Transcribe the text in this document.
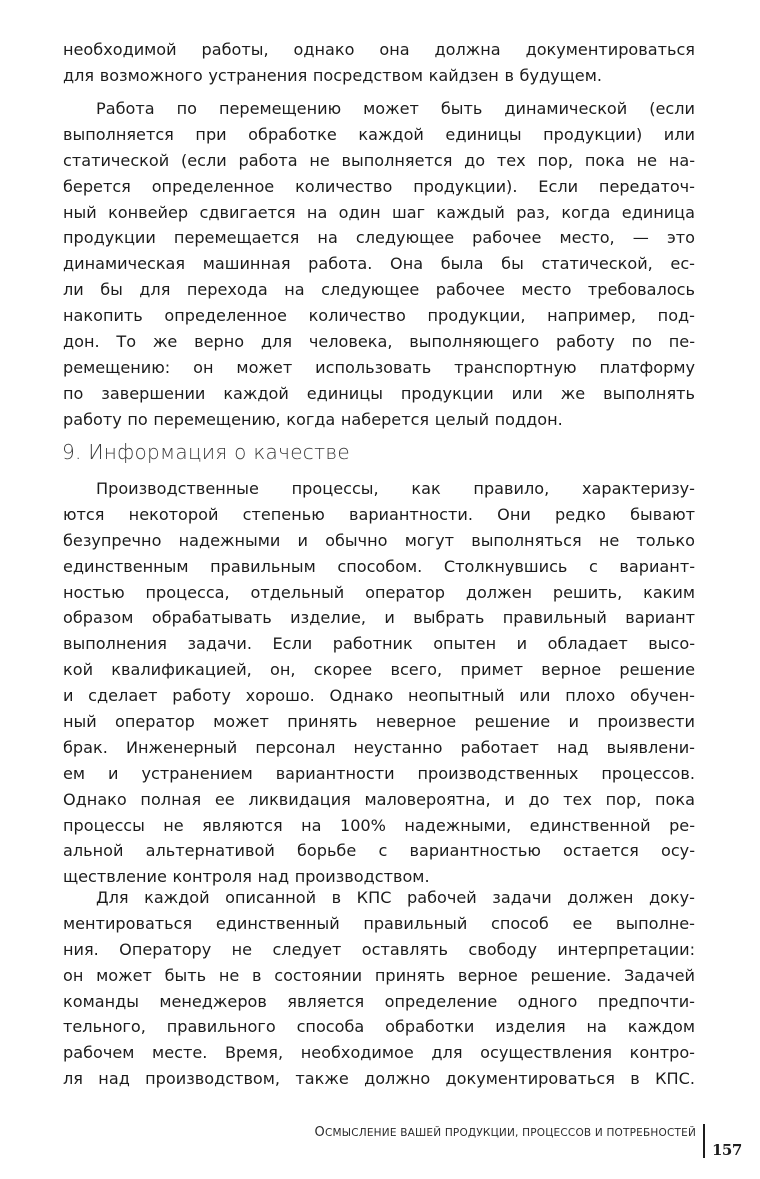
необходимой работы, однако она должна документироваться
для возможного устранения посредством кайдзен в будущем.
Работа по перемещению может быть динамической (если
выполняется при обработке каждой единицы продукции) или
статической (если работа не выполняется до тех пор, пока не на-
берется определенное количество продукции). Если передаточ-
ный конвейер сдвигается на один шаг каждый раз, когда единица
продукции перемещается на следующее рабочее место, — это
динамическая машинная работа. Она была бы статической, ес-
ли бы для перехода на следующее рабочее место требовалось
накопить определенное количество продукции, например, под-
дон. То же верно для человека, выполняющего работу по пе-
ремещению: он может использовать транспортную платформу
по завершении каждой единицы продукции или же выполнять
работу по перемещению, когда наберется целый поддон.
9. Информация о качестве
Производственные процессы, как правило, характеризу-
ются некоторой степенью вариантности. Они редко бывают
безупречно надежными и обычно могут выполняться не только
единственным правильным способом. Столкнувшись с вариант-
ностью процесса, отдельный оператор должен решить, каким
образом обрабатывать изделие, и выбрать правильный вариант
выполнения задачи. Если работник опытен и обладает высо-
кой квалификацией, он, скорее всего, примет верное решение
и сделает работу хорошо. Однако неопытный или плохо обучен-
ный оператор может принять неверное решение и произвести
брак. Инженерный персонал неустанно работает над выявлени-
ем и устранением вариантности производственных процессов.
Однако полная ее ликвидация маловероятна, и до тех пор, пока
процессы не являются на 100% надежными, единственной ре-
альной альтернативой борьбе с вариантностью остается осу-
ществление контроля над производством.
Для каждой описанной в КПС рабочей задачи должен доку-
ментироваться единственный правильный способ ее выполне-
ния. Оператору не следует оставлять свободу интерпретации:
он может быть не в состоянии принять верное решение. Задачей
команды менеджеров является определение одного предпочти-
тельного, правильного способа обработки изделия на каждом
рабочем месте. Время, необходимое для осуществления контро-
ля над производством, также должно документироваться в КПС.
ОСМЫСЛЕНИЕ ВАШЕЙ ПРОДУКЦИИ, ПРОЦЕССОВ И ПОТРЕБНОСТЕЙ
157
